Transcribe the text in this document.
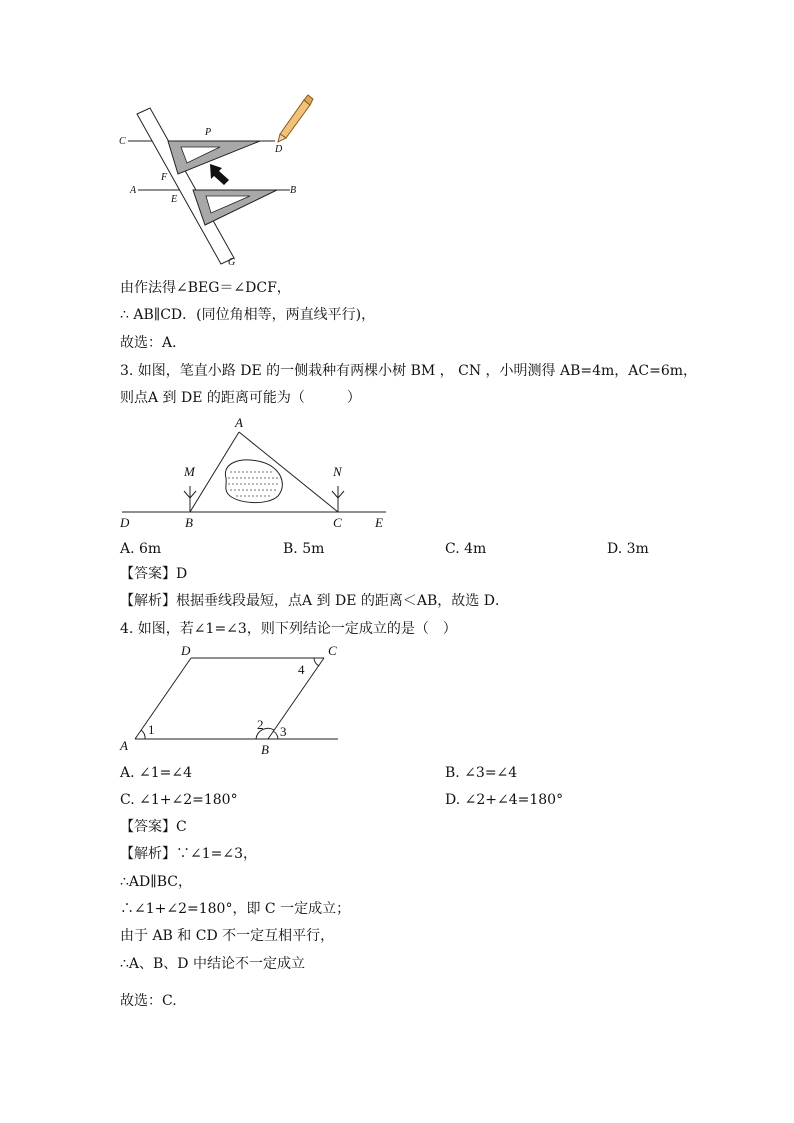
C
P
D
F
A
E
B
G
由作法得∠BEG＝∠DCF，
∴ AB∥CD．(同位角相等，两直线平行)，
故选：A．
3. 如图，笔直小路 DE 的一侧栽种有两棵小树 BM ， CN ，小明测得 AB=4m，AC=6m，
则点A 到 DE 的距离可能为（　　　）
A
M	N
D	B	C	E
A. 6m	B. 5m	C. 4m	D. 3m
【答案】D
【解析】根据垂线段最短，点A 到 DE 的距离＜AB，故选 D．
4. 如图，若∠1=∠3，则下列结论一定成立的是（　）
D	C
A	B
1	2 3
4
A. ∠1=∠4	B. ∠3=∠4
C. ∠1+∠2=180°	D. ∠2+∠4=180°
【答案】C
【解析】∵∠1=∠3，
∴AD∥BC，
∴∠1+∠2=180°，即 C 一定成立；
由于 AB 和 CD 不一定互相平行，
∴A、B、D 中结论不一定成立
故选：C.
